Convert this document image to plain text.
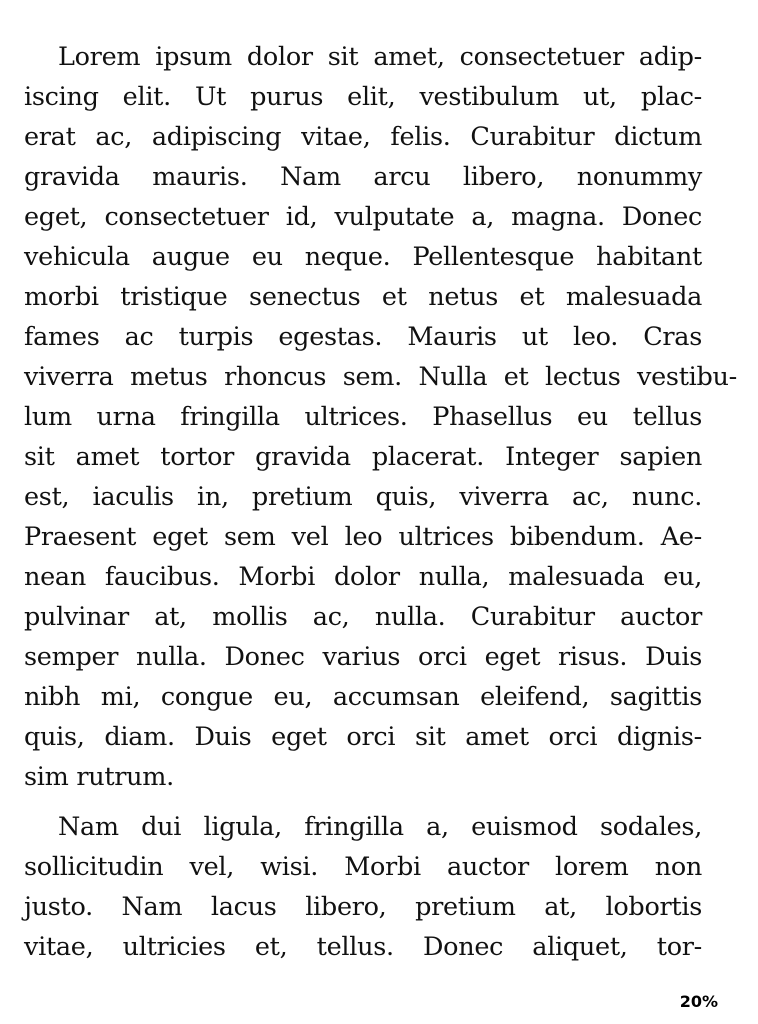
Lorem ipsum dolor sit amet, consectetuer adip-
iscing elit. Ut purus elit, vestibulum ut, plac-
erat ac, adipiscing vitae, felis. Curabitur dictum
gravida mauris. Nam arcu libero, nonummy
eget, consectetuer id, vulputate a, magna. Donec
vehicula augue eu neque. Pellentesque habitant
morbi tristique senectus et netus et malesuada
fames ac turpis egestas. Mauris ut leo. Cras
viverra metus rhoncus sem. Nulla et lectus vestibu-
lum urna fringilla ultrices. Phasellus eu tellus
sit amet tortor gravida placerat. Integer sapien
est, iaculis in, pretium quis, viverra ac, nunc.
Praesent eget sem vel leo ultrices bibendum. Ae-
nean faucibus. Morbi dolor nulla, malesuada eu,
pulvinar at, mollis ac, nulla. Curabitur auctor
semper nulla. Donec varius orci eget risus. Duis
nibh mi, congue eu, accumsan eleifend, sagittis
quis, diam. Duis eget orci sit amet orci dignis-
sim rutrum.
Nam dui ligula, fringilla a, euismod sodales,
sollicitudin vel, wisi. Morbi auctor lorem non
justo. Nam lacus libero, pretium at, lobortis
vitae, ultricies et, tellus. Donec aliquet, tor-
20%
